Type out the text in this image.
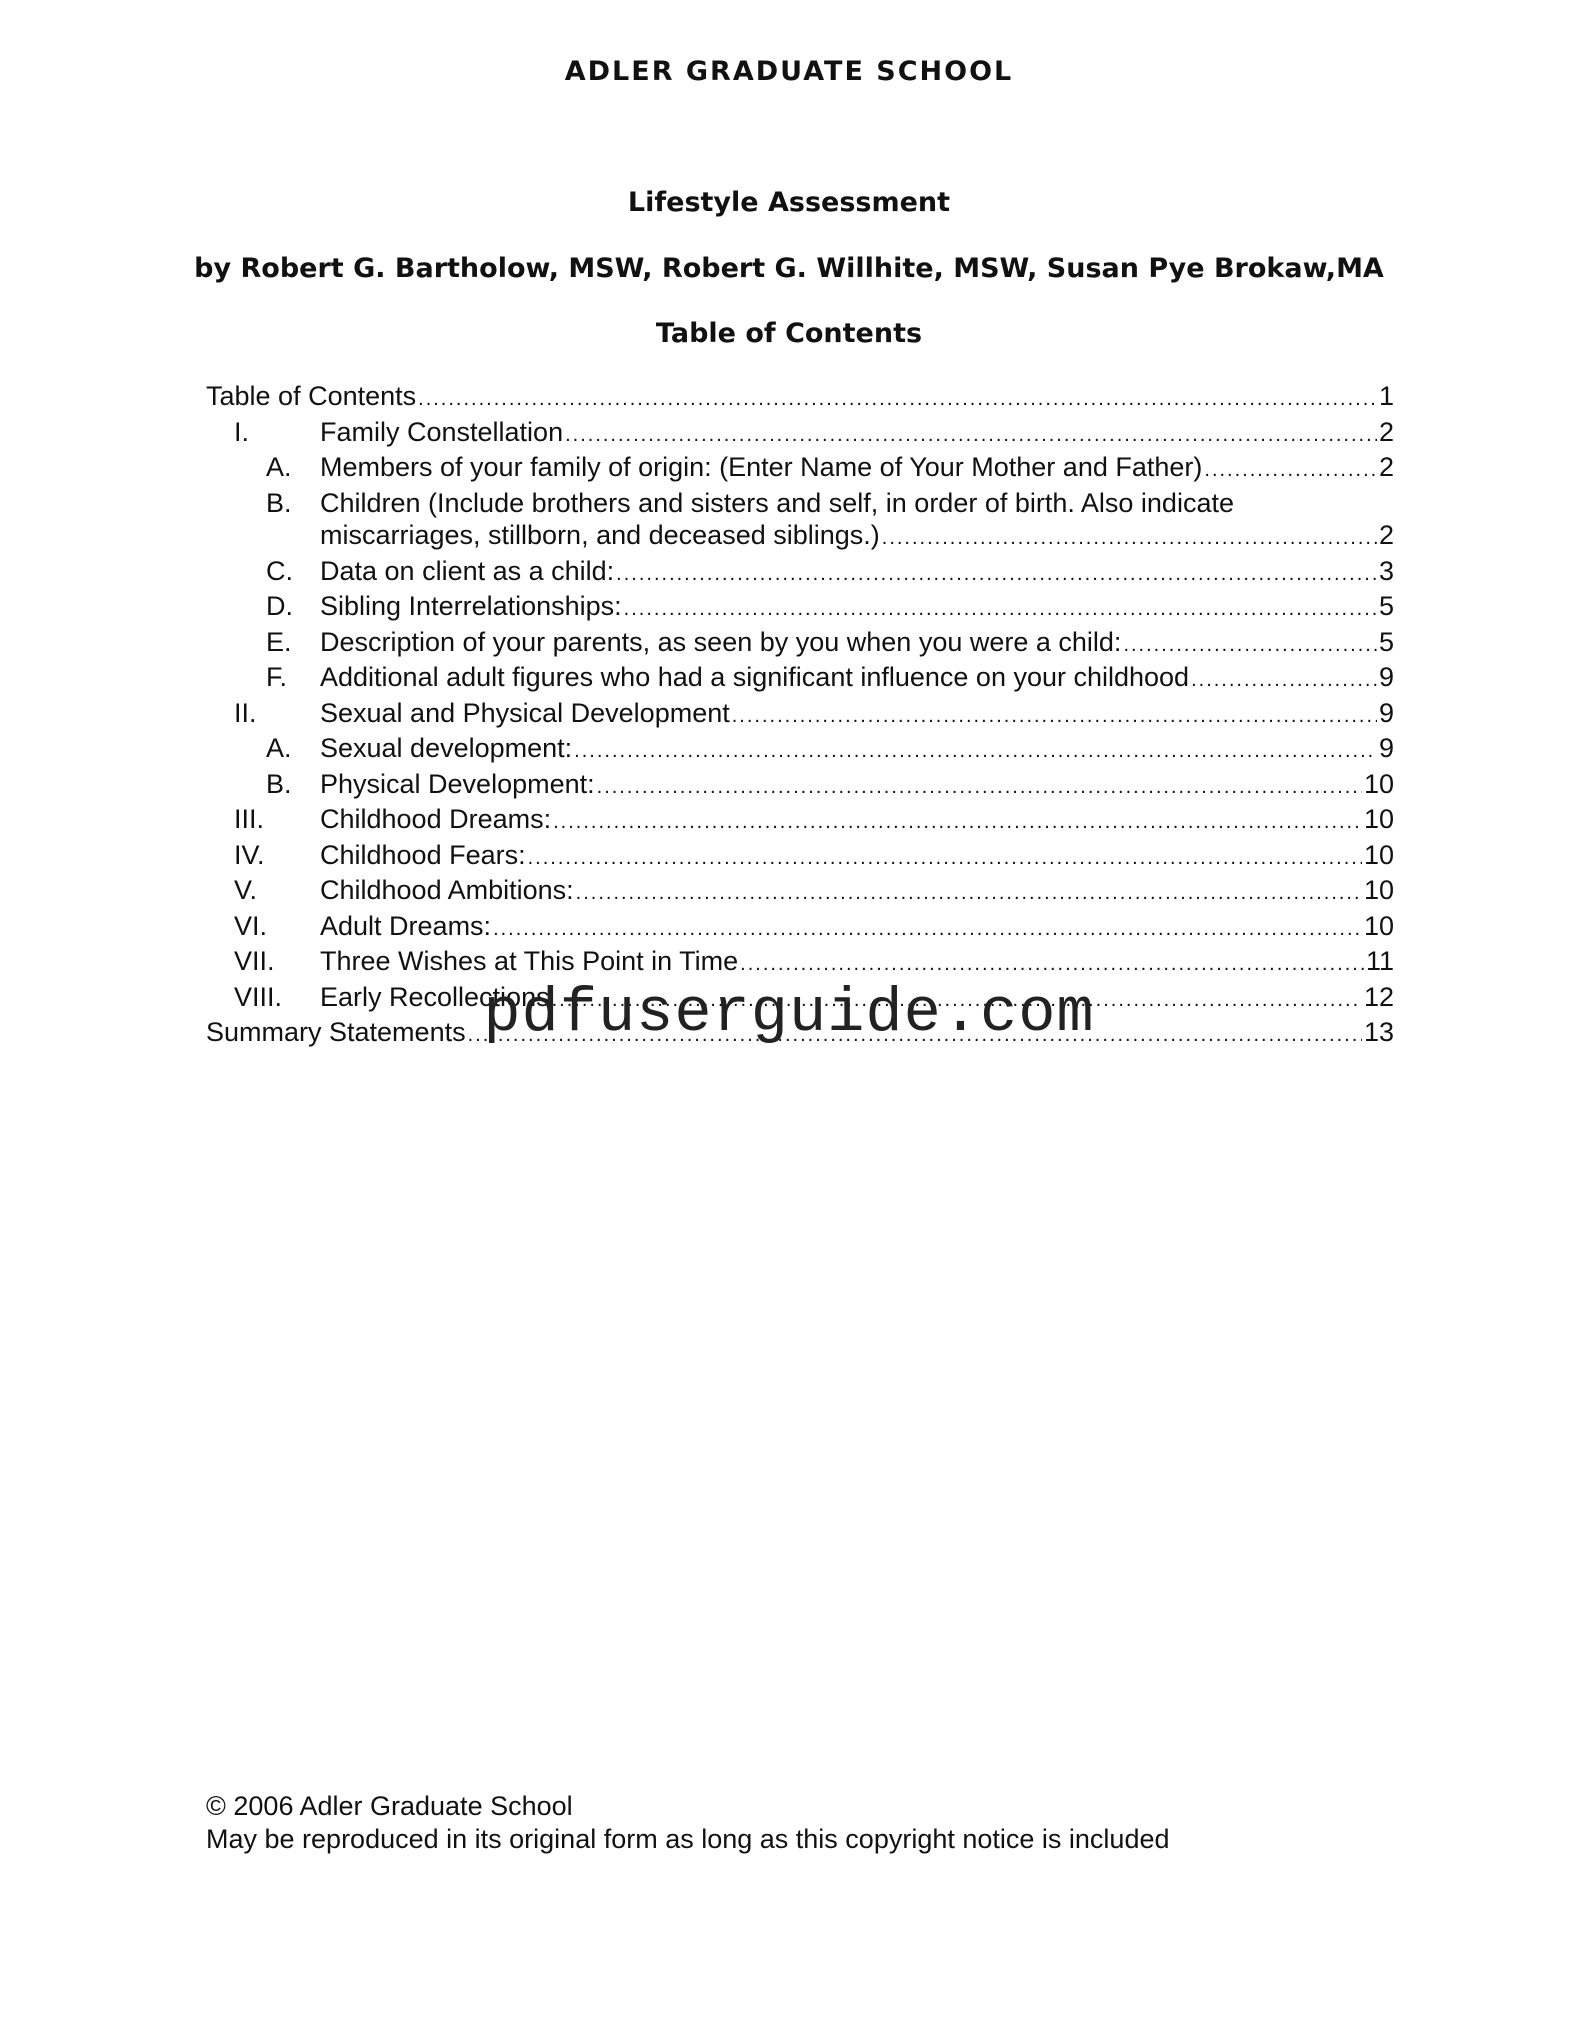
ADLER GRADUATE SCHOOL
Lifestyle Assessment
by Robert G. Bartholow, MSW, Robert G. Willhite, MSW, Susan Pye Brokaw,MA
Table of Contents
Table of Contents .....	1
I.	Family Constellation .....	2
A. Members of your family of origin: (Enter Name of Your Mother and Father) .....	2
B. Children (Include brothers and sisters and self, in order of birth. Also indicate
miscarriages, stillborn, and deceased siblings.) .....	2
C. Data on client as a child: .....	3
D. Sibling Interrelationships: .....	5
E. Description of your parents, as seen by you when you were a child: .....	5
F. Additional adult figures who had a significant influence on your childhood .....	9
II. Sexual and Physical Development .....	9
A. Sexual development: .....	9
B. Physical Development: .....	10
III. Childhood Dreams: .....	10
IV. Childhood Fears: .....	10
V. Childhood Ambitions: .....	10
VI. Adult Dreams: .....	10
VII. Three Wishes at This Point in Time .....	11
VIII. Early Recollections .....	12
Summary Statements .....	13
pdfuserguide.com
© 2006 Adler Graduate School
May be reproduced in its original form as long as this copyright notice is included
